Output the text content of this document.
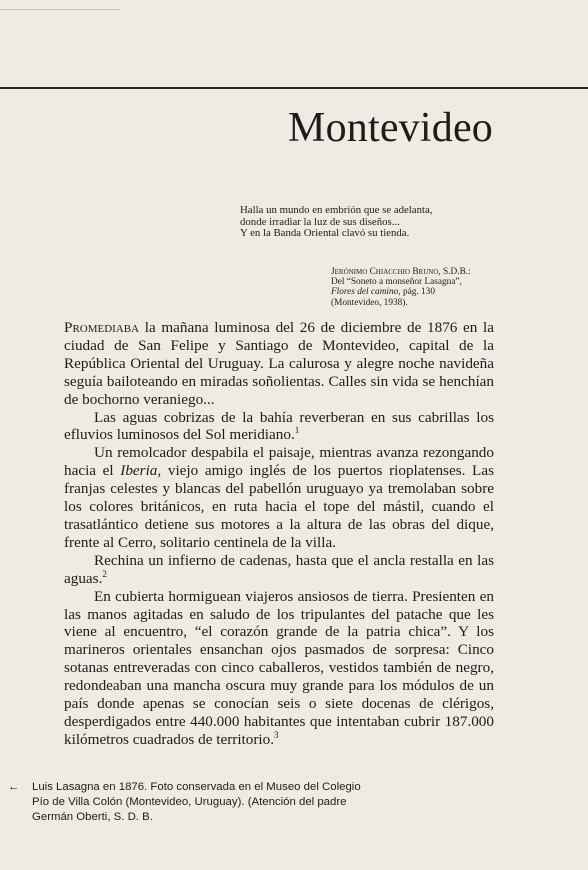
Montevideo
Halla un mundo en embrión que se adelanta,
donde irradiar la luz de sus diseños...
Y en la Banda Oriental clavó su tienda.
Jerónimo Chiacchio Bruno, S.D.B.:
Del “Soneto a monseñor Lasagna”,
Flores del camino, pág. 130
(Montevideo, 1938).

Promediaba la mañana luminosa del 26 de diciembre de 1876 en la ciudad de San Felipe y Santiago de Montevideo, capital de la República Oriental del Uruguay. La calurosa y alegre noche navideña seguía bailoteando en miradas soñolientas. Calles sin vida se henchían de bochorno veraniego...

Las aguas cobrizas de la bahía reverberan en sus cabrillas los efluvios luminosos del Sol meridiano.$^1$

Un remolcador despabila el paisaje, mientras avanza rezongando hacia el Iberia, viejo amigo inglés de los puertos rioplatenses. Las franjas celestes y blancas del pabellón uruguayo ya tremolaban sobre los colores británicos, en ruta hacia el tope del mástil, cuando el trasatlántico detiene sus motores a la altura de las obras del dique, frente al Cerro, solitario centinela de la villa.

Rechina un infierno de cadenas, hasta que el ancla restalla en las aguas.$^2$

En cubierta hormiguean viajeros ansiosos de tierra. Presienten en las manos agitadas en saludo de los tripulantes del patache que les viene al encuentro, “el corazón grande de la patria chica”. Y los marineros orientales ensanchan ojos pasmados de sorpresa: Cinco sotanas entreveradas con cinco caballeros, vestidos también de negro, redondeaban una mancha oscura muy grande para los módulos de un país donde apenas se conocían seis o siete docenas de clérigos, desperdigados entre 440.000 habitantes que intentaban cubrir 187.000 kilómetros cuadrados de territorio.$^3$

← Luis Lasagna en 1876. Foto conservada en el Museo del Colegio
Pío de Villa Colón (Montevideo, Uruguay). (Atención del padre
Germán Oberti, S. D. B.
